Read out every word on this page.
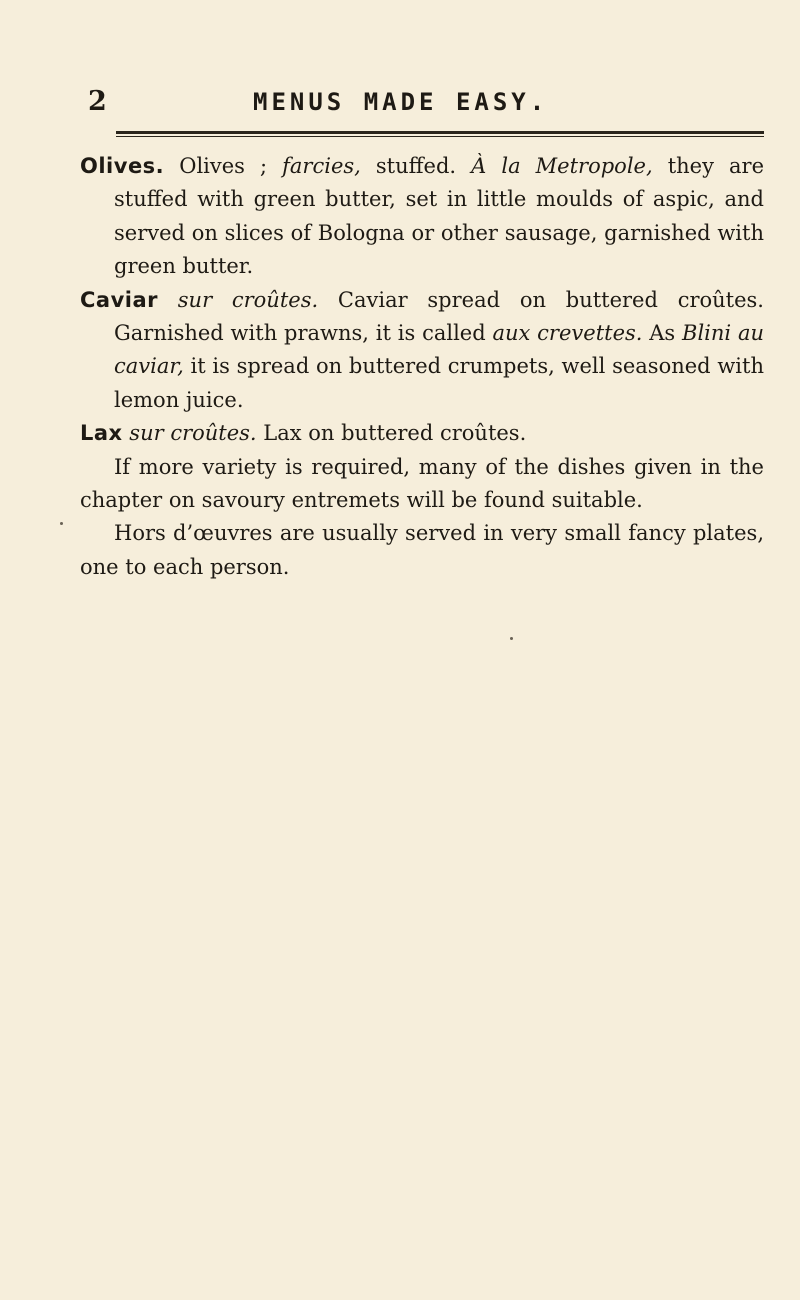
2	MENUS MADE EASY.

Olives. Olives ; farcies, stuffed. À la Metropole, they are stuffed with green butter, set in little moulds of aspic, and served on slices of Bologna or other sausage, garnished with green butter.

Caviar sur croûtes. Caviar spread on buttered croûtes. Garnished with prawns, it is called aux crevettes. As Blini au caviar, it is spread on buttered crumpets, well seasoned with lemon juice.

Lax sur croûtes. Lax on buttered croûtes.

If more variety is required, many of the dishes given in the chapter on savoury entremets will be found suitable.

Hors d’œuvres are usually served in very small fancy plates, one to each person.
